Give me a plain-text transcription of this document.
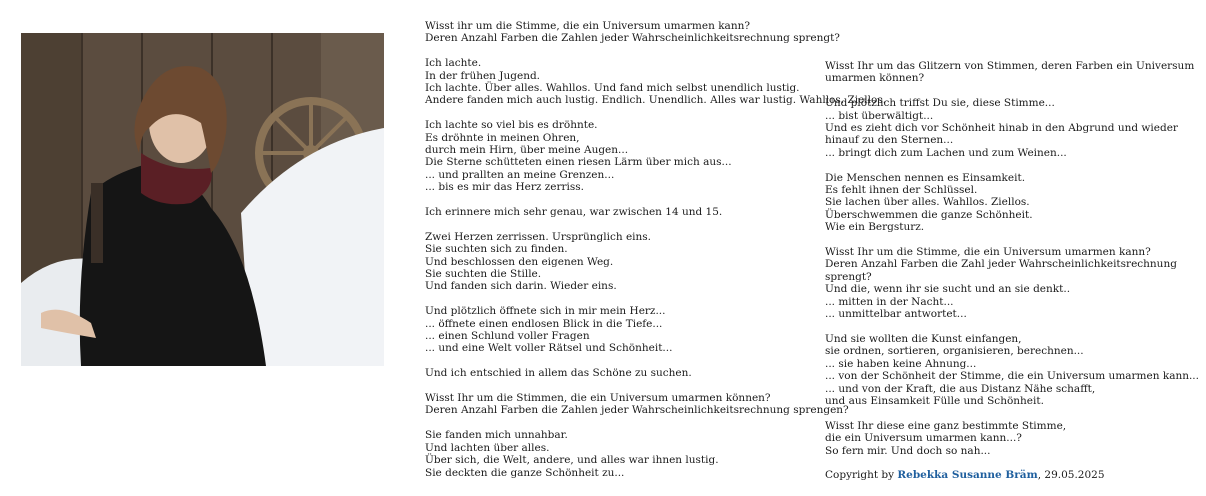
Wisst ihr um die Stimme, die ein Universum umarmen kann?
Deren Anzahl Farben die Zahlen jeder Wahrscheinlichkeitsrechnung sprengt?
Ich lachte.
In der frühen Jugend.
Ich lachte. Über alles. Wahllos. Und fand mich selbst unendlich lustig.
Andere fanden mich auch lustig. Endlich. Unendlich. Alles war lustig. Wahllos. Ziellos.
Ich lachte so viel bis es dröhnte.
Es dröhnte in meinen Ohren,
durch mein Hirn, über meine Augen...
Die Sterne schütteten einen riesen Lärm über mich aus...
... und prallten an meine Grenzen...
... bis es mir das Herz zerriss.
Ich erinnere mich sehr genau, war zwischen 14 und 15.
Zwei Herzen zerrissen. Ursprünglich eins.
Sie suchten sich zu finden.
Und beschlossen den eigenen Weg.
Sie suchten die Stille.
Und fanden sich darin. Wieder eins.
Und plötzlich öffnete sich in mir mein Herz...
... öffnete einen endlosen Blick in die Tiefe...
... einen Schlund voller Fragen
... und eine Welt voller Rätsel und Schönheit...
Und ich entschied in allem das Schöne zu suchen.
Wisst Ihr um die Stimmen, die ein Universum umarmen können?
Deren Anzahl Farben die Zahlen jeder Wahrscheinlichkeitsrechnung sprengen?
Sie fanden mich unnahbar.
Und lachten über alles.
Über sich, die Welt, andere, und alles war ihnen lustig.
Sie deckten die ganze Schönheit zu...
Wisst Ihr um das Glitzern von Stimmen, deren Farben ein Universum umarmen können?
Und plötzlich triffst Du sie, diese Stimme...
... bist überwältigt...
Und es zieht dich vor Schönheit hinab in den Abgrund und wieder hinauf zu den Sternen...
... bringt dich zum Lachen und zum Weinen...
Die Menschen nennen es Einsamkeit.
Es fehlt ihnen der Schlüssel.
Sie lachen über alles. Wahllos. Ziellos.
Überschwemmen die ganze Schönheit.
Wie ein Bergsturz.
Wisst Ihr um die Stimme, die ein Universum umarmen kann?
Deren Anzahl Farben die Zahl jeder Wahrscheinlichkeitsrechnung sprengt?
Und die, wenn ihr sie sucht und an sie denkt..
... mitten in der Nacht...
... unmittelbar antwortet...
Und sie wollten die Kunst einfangen,
sie ordnen, sortieren, organisieren, berechnen...
... sie haben keine Ahnung...
... von der Schönheit der Stimme, die ein Universum umarmen kann...
... und von der Kraft, die aus Distanz Nähe schafft,
und aus Einsamkeit Fülle und Schönheit.
Wisst Ihr diese eine ganz bestimmte Stimme,
die ein Universum umarmen kann...?
So fern mir. Und doch so nah...
Copyright by Rebekka Susanne Bräm, 29.05.2025
